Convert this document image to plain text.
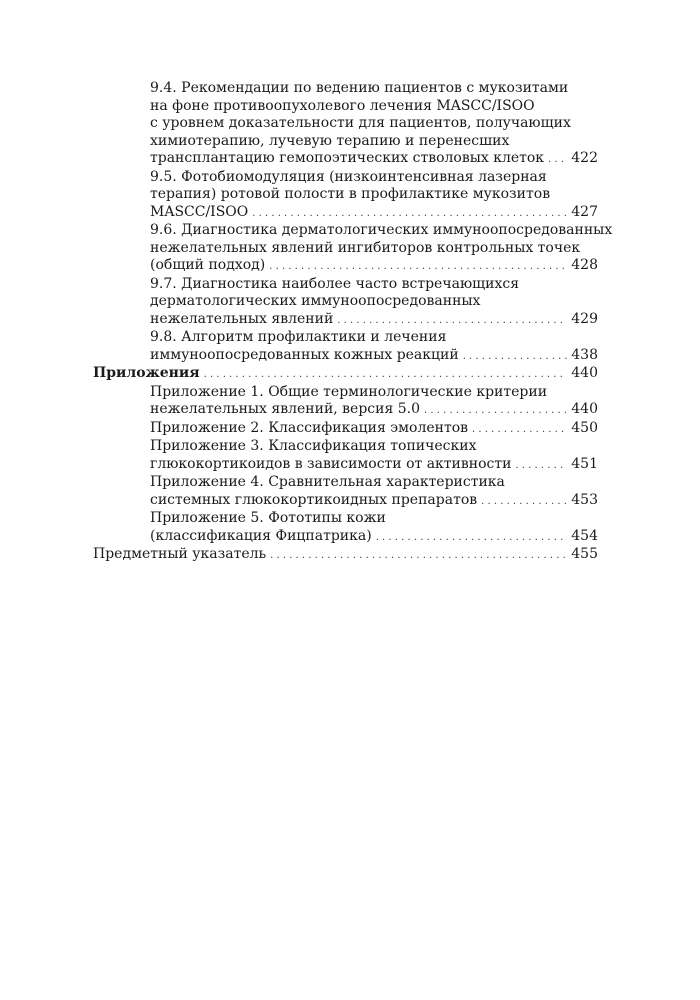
9.4. Рекомендации по ведению пациентов с мукозитами
на фоне противоопухолевого лечения MASCC/ISOO
с уровнем доказательности для пациентов, получающих
химиотерапию, лучевую терапию и перенесших
трансплантацию гемопоэтических стволовых клеток . . . 422
9.5. Фотобиомодуляция (низкоинтенсивная лазерная
терапия) ротовой полости в профилактике мукозитов
MASCC/ISOO . . .	427
9.6. Диагностика дерматологических иммуноопосредованных
нежелательных явлений ингибиторов контрольных точек
(общий подход) . . .	428
9.7. Диагностика наиболее часто встречающихся
дерматологических иммуноопосредованных
нежелательных явлений . . .	429
9.8. Алгоритм профилактики и лечения
иммуноопосредованных кожных реакций . . .	438
Приложения . . .	440
Приложение 1. Общие терминологические критерии
нежелательных явлений, версия 5.0 . . .	440
Приложение 2. Классификация эмолентов . . .	450
Приложение 3. Классификация топических
глюкокортикоидов в зависимости от активности . . .	451
Приложение 4. Сравнительная характеристика
системных глюкокортикоидных препаратов . . .	453
Приложение 5. Фототипы кожи
(классификация Фицпатрика) . . .	454
Предметный указатель . . .	455
